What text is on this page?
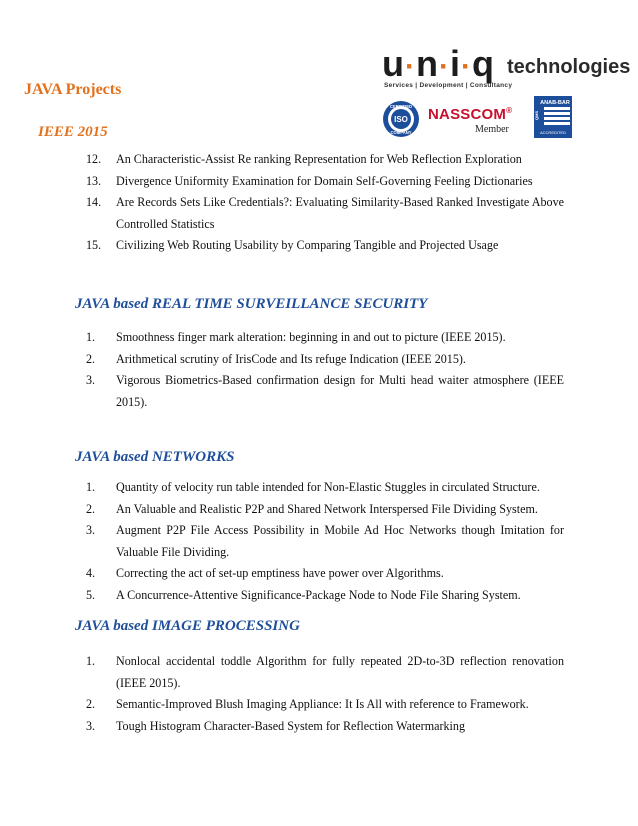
u·n·i·q technologies
Services | Development | Consultancy
CERTIFIED
ISO
COMPANY
NASSCOM®
Member
ANAB-BAR
QMS
ACCREDITED
JAVA Projects
IEEE 2015
12. An Characteristic-Assist Re ranking Representation for Web Reflection Exploration
13. Divergence Uniformity Examination for Domain Self-Governing Feeling Dictionaries
14. Are Records Sets Like Credentials?: Evaluating Similarity-Based Ranked Investigate Above Controlled Statistics
15. Civilizing Web Routing Usability by Comparing Tangible and Projected Usage
JAVA based REAL TIME SURVEILLANCE SECURITY
1. Smoothness finger mark alteration: beginning in and out to picture (IEEE 2015).
2. Arithmetical scrutiny of IrisCode and Its refuge Indication (IEEE 2015).
3. Vigorous Biometrics-Based confirmation design for Multi head waiter atmosphere (IEEE 2015).
JAVA based NETWORKS
1. Quantity of velocity run table intended for Non-Elastic Stuggles in circulated Structure.
2. An Valuable and Realistic P2P and Shared Network Interspersed File Dividing System.
3. Augment P2P File Access Possibility in Mobile Ad Hoc Networks though Imitation for Valuable File Dividing.
4. Correcting the act of set-up emptiness have power over Algorithms.
5. A Concurrence-Attentive Significance-Package Node to Node File Sharing System.
JAVA based IMAGE PROCESSING
1. Nonlocal accidental toddle Algorithm for fully repeated 2D-to-3D reflection renovation (IEEE 2015).
2. Semantic-Improved Blush Imaging Appliance: It Is All with reference to Framework.
3. Tough Histogram Character-Based System for Reflection Watermarking
